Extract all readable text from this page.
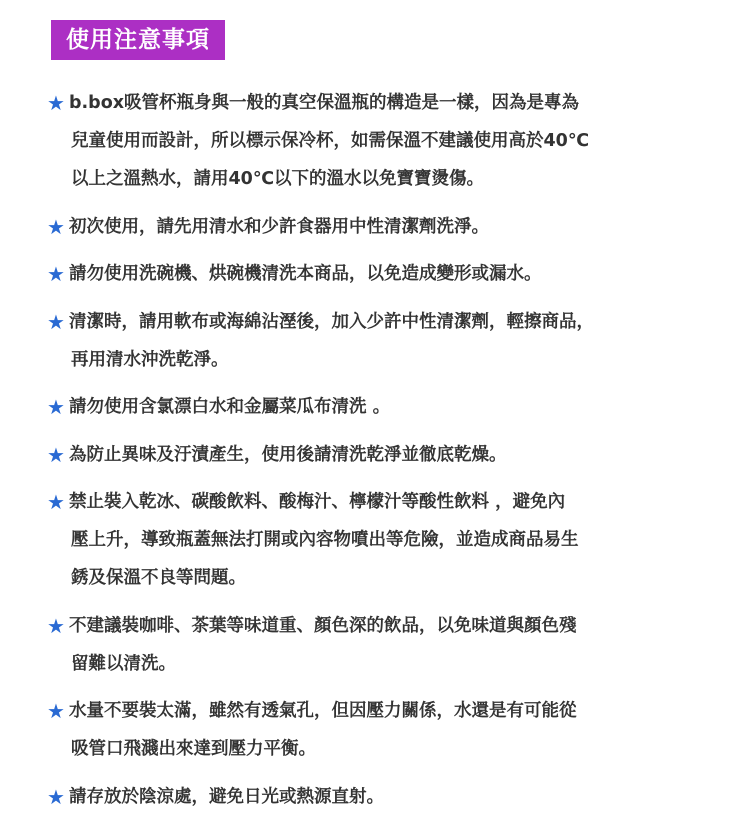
使用注意事項
★ b.box吸管杯瓶身與一般的真空保溫瓶的構造是一樣，因為是專為
兒童使用而設計，所以標示保冷杯，如需保溫不建議使用高於40℃
以上之溫熱水，請用40℃以下的溫水以免寶寶燙傷。
★ 初次使用，請先用清水和少許食器用中性清潔劑洗淨。
★ 請勿使用洗碗機、烘碗機清洗本商品，以免造成變形或漏水。
★ 清潔時，請用軟布或海綿沾溼後，加入少許中性清潔劑，輕擦商品，
再用清水沖洗乾淨。
★ 請勿使用含氯漂白水和金屬菜瓜布清洗 。
★ 為防止異味及汙漬產生，使用後請清洗乾淨並徹底乾燥。
★ 禁止裝入乾冰、碳酸飲料、酸梅汁、檸檬汁等酸性飲料 ，避免內
壓上升，導致瓶蓋無法打開或內容物噴出等危險，並造成商品易生
銹及保溫不良等問題。
★ 不建議裝咖啡、茶葉等味道重、顏色深的飲品，以免味道與顏色殘
留難以清洗。
★ 水量不要裝太滿，雖然有透氣孔，但因壓力關係，水還是有可能從
吸管口飛濺出來達到壓力平衡。
★ 請存放於陰涼處，避免日光或熱源直射。
